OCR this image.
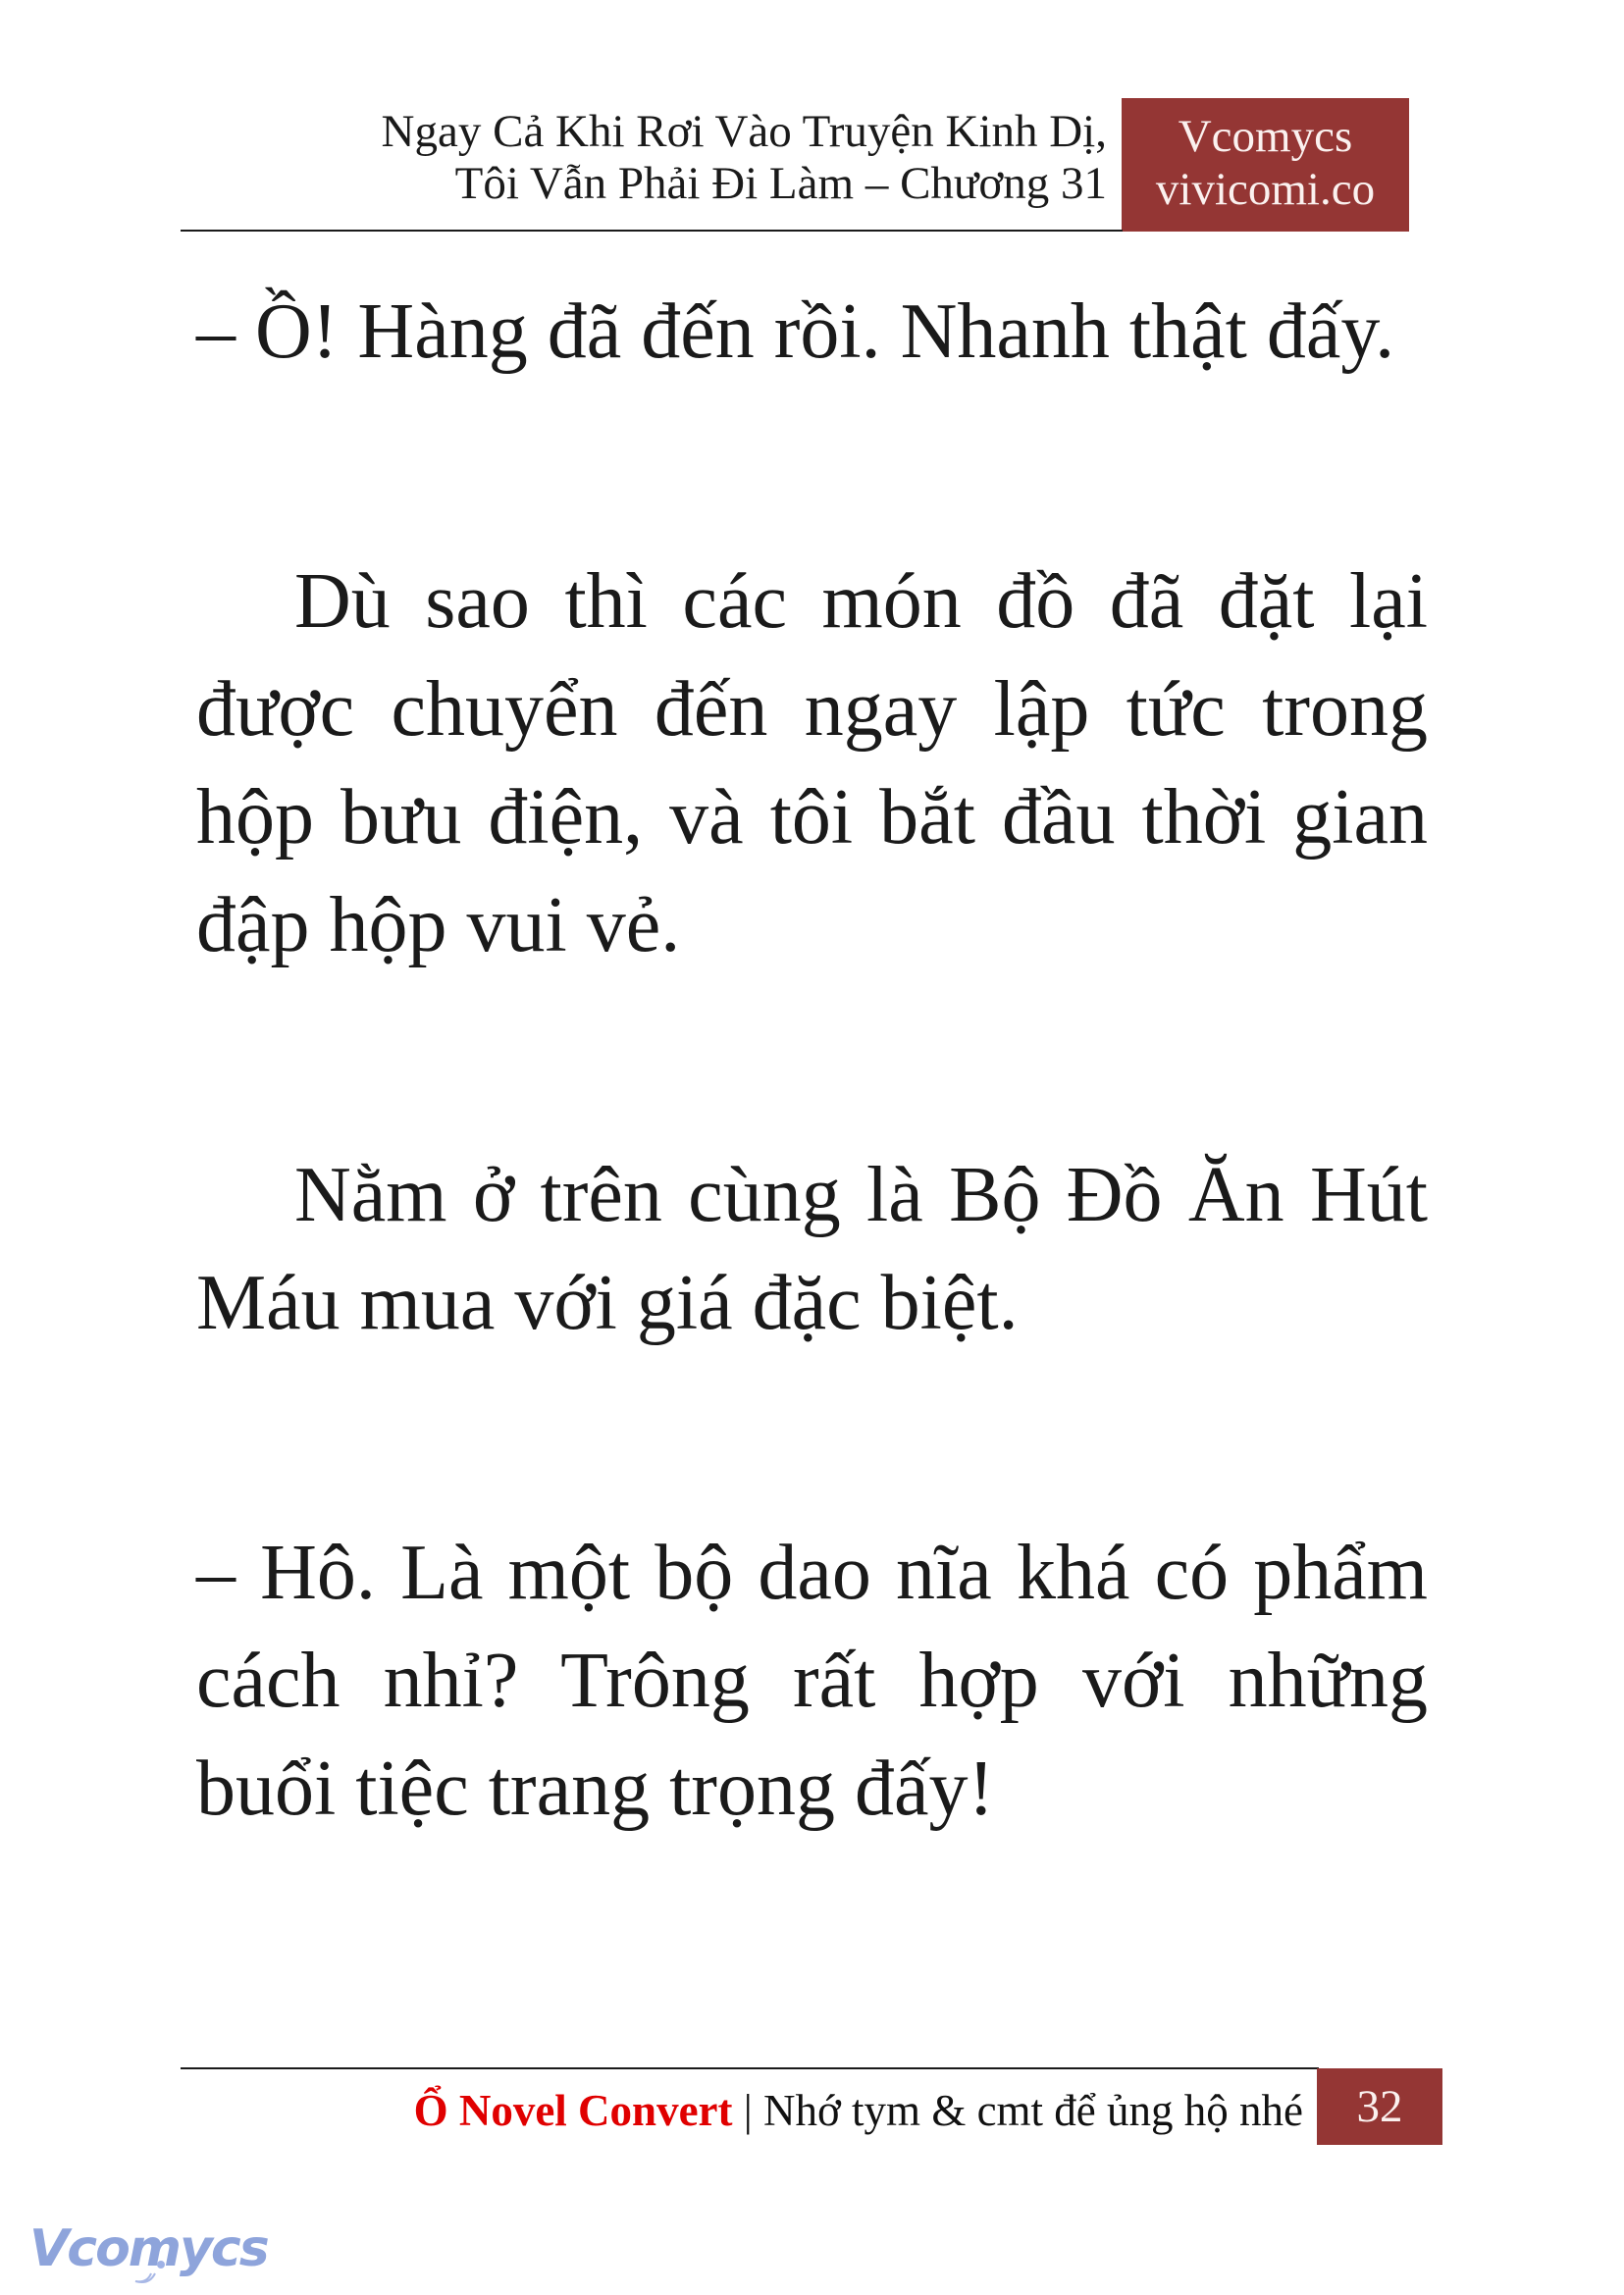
Ngay Cả Khi Rơi Vào Truyện Kinh Dị,
Tôi Vẫn Phải Đi Làm – Chương 31
Vcomycs
vivicomi.co

– Ồ! Hàng đã đến rồi. Nhanh thật đấy.

Dù sao thì các món đồ đã đặt lại được chuyển đến ngay lập tức trong hộp bưu điện, và tôi bắt đầu thời gian đập hộp vui vẻ.

Nằm ở trên cùng là Bộ Đồ Ăn Hút Máu mua với giá đặc biệt.

– Hô. Là một bộ dao nĩa khá có phẩm cách nhỉ? Trông rất hợp với những buổi tiệc trang trọng đấy!

Ổ Novel Convert | Nhớ tym & cmt để ủng hộ nhé	32
Vcomycs
